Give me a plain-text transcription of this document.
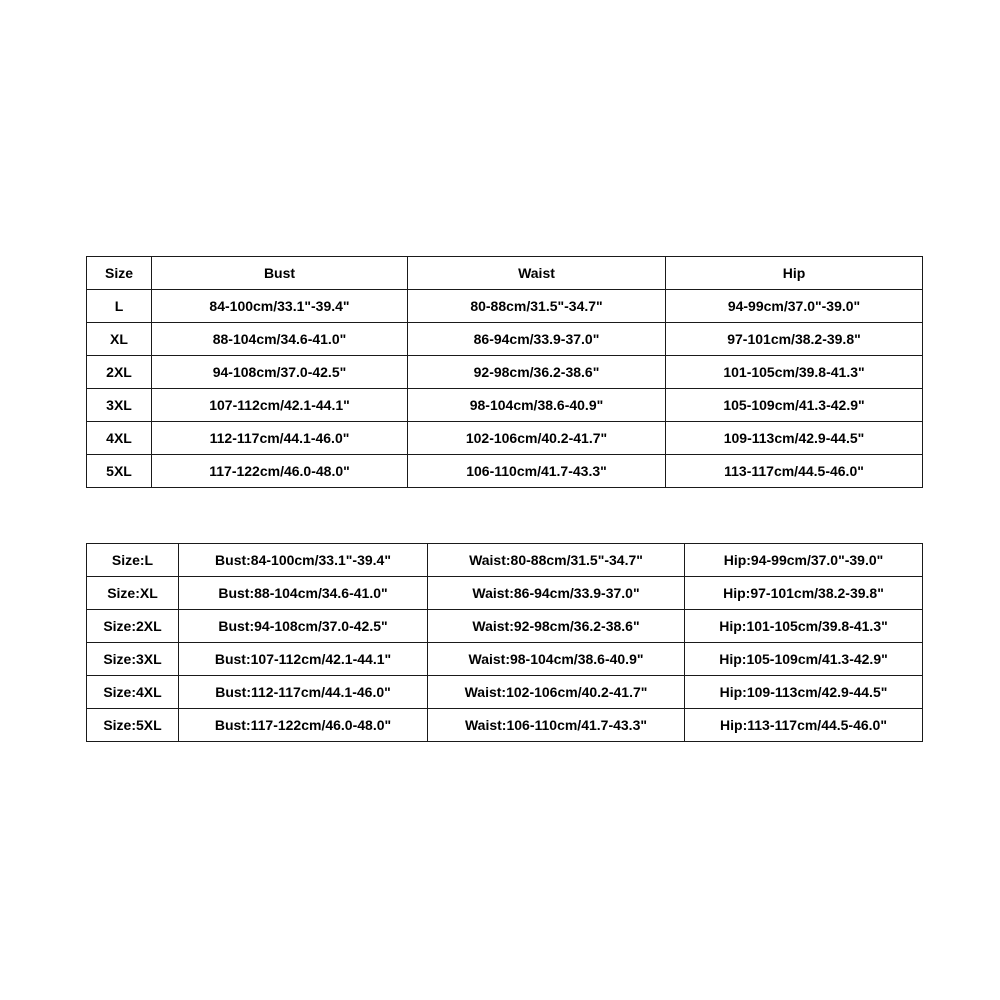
Size	Bust	Waist	Hip
L	84-100cm/33.1"-39.4"	80-88cm/31.5"-34.7"	94-99cm/37.0"-39.0"
XL	88-104cm/34.6-41.0"	86-94cm/33.9-37.0"	97-101cm/38.2-39.8"
2XL	94-108cm/37.0-42.5"	92-98cm/36.2-38.6"	101-105cm/39.8-41.3"
3XL	107-112cm/42.1-44.1"	98-104cm/38.6-40.9"	105-109cm/41.3-42.9"
4XL	112-117cm/44.1-46.0"	102-106cm/40.2-41.7"	109-113cm/42.9-44.5"
5XL	117-122cm/46.0-48.0"	106-110cm/41.7-43.3"	113-117cm/44.5-46.0"
Size:L	Bust:84-100cm/33.1"-39.4"	Waist:80-88cm/31.5"-34.7"	Hip:94-99cm/37.0"-39.0"
Size:XL	Bust:88-104cm/34.6-41.0"	Waist:86-94cm/33.9-37.0"	Hip:97-101cm/38.2-39.8"
Size:2XL	Bust:94-108cm/37.0-42.5"	Waist:92-98cm/36.2-38.6"	Hip:101-105cm/39.8-41.3"
Size:3XL	Bust:107-112cm/42.1-44.1"	Waist:98-104cm/38.6-40.9"	Hip:105-109cm/41.3-42.9"
Size:4XL	Bust:112-117cm/44.1-46.0"	Waist:102-106cm/40.2-41.7"	Hip:109-113cm/42.9-44.5"
Size:5XL	Bust:117-122cm/46.0-48.0"	Waist:106-110cm/41.7-43.3"	Hip:113-117cm/44.5-46.0"
